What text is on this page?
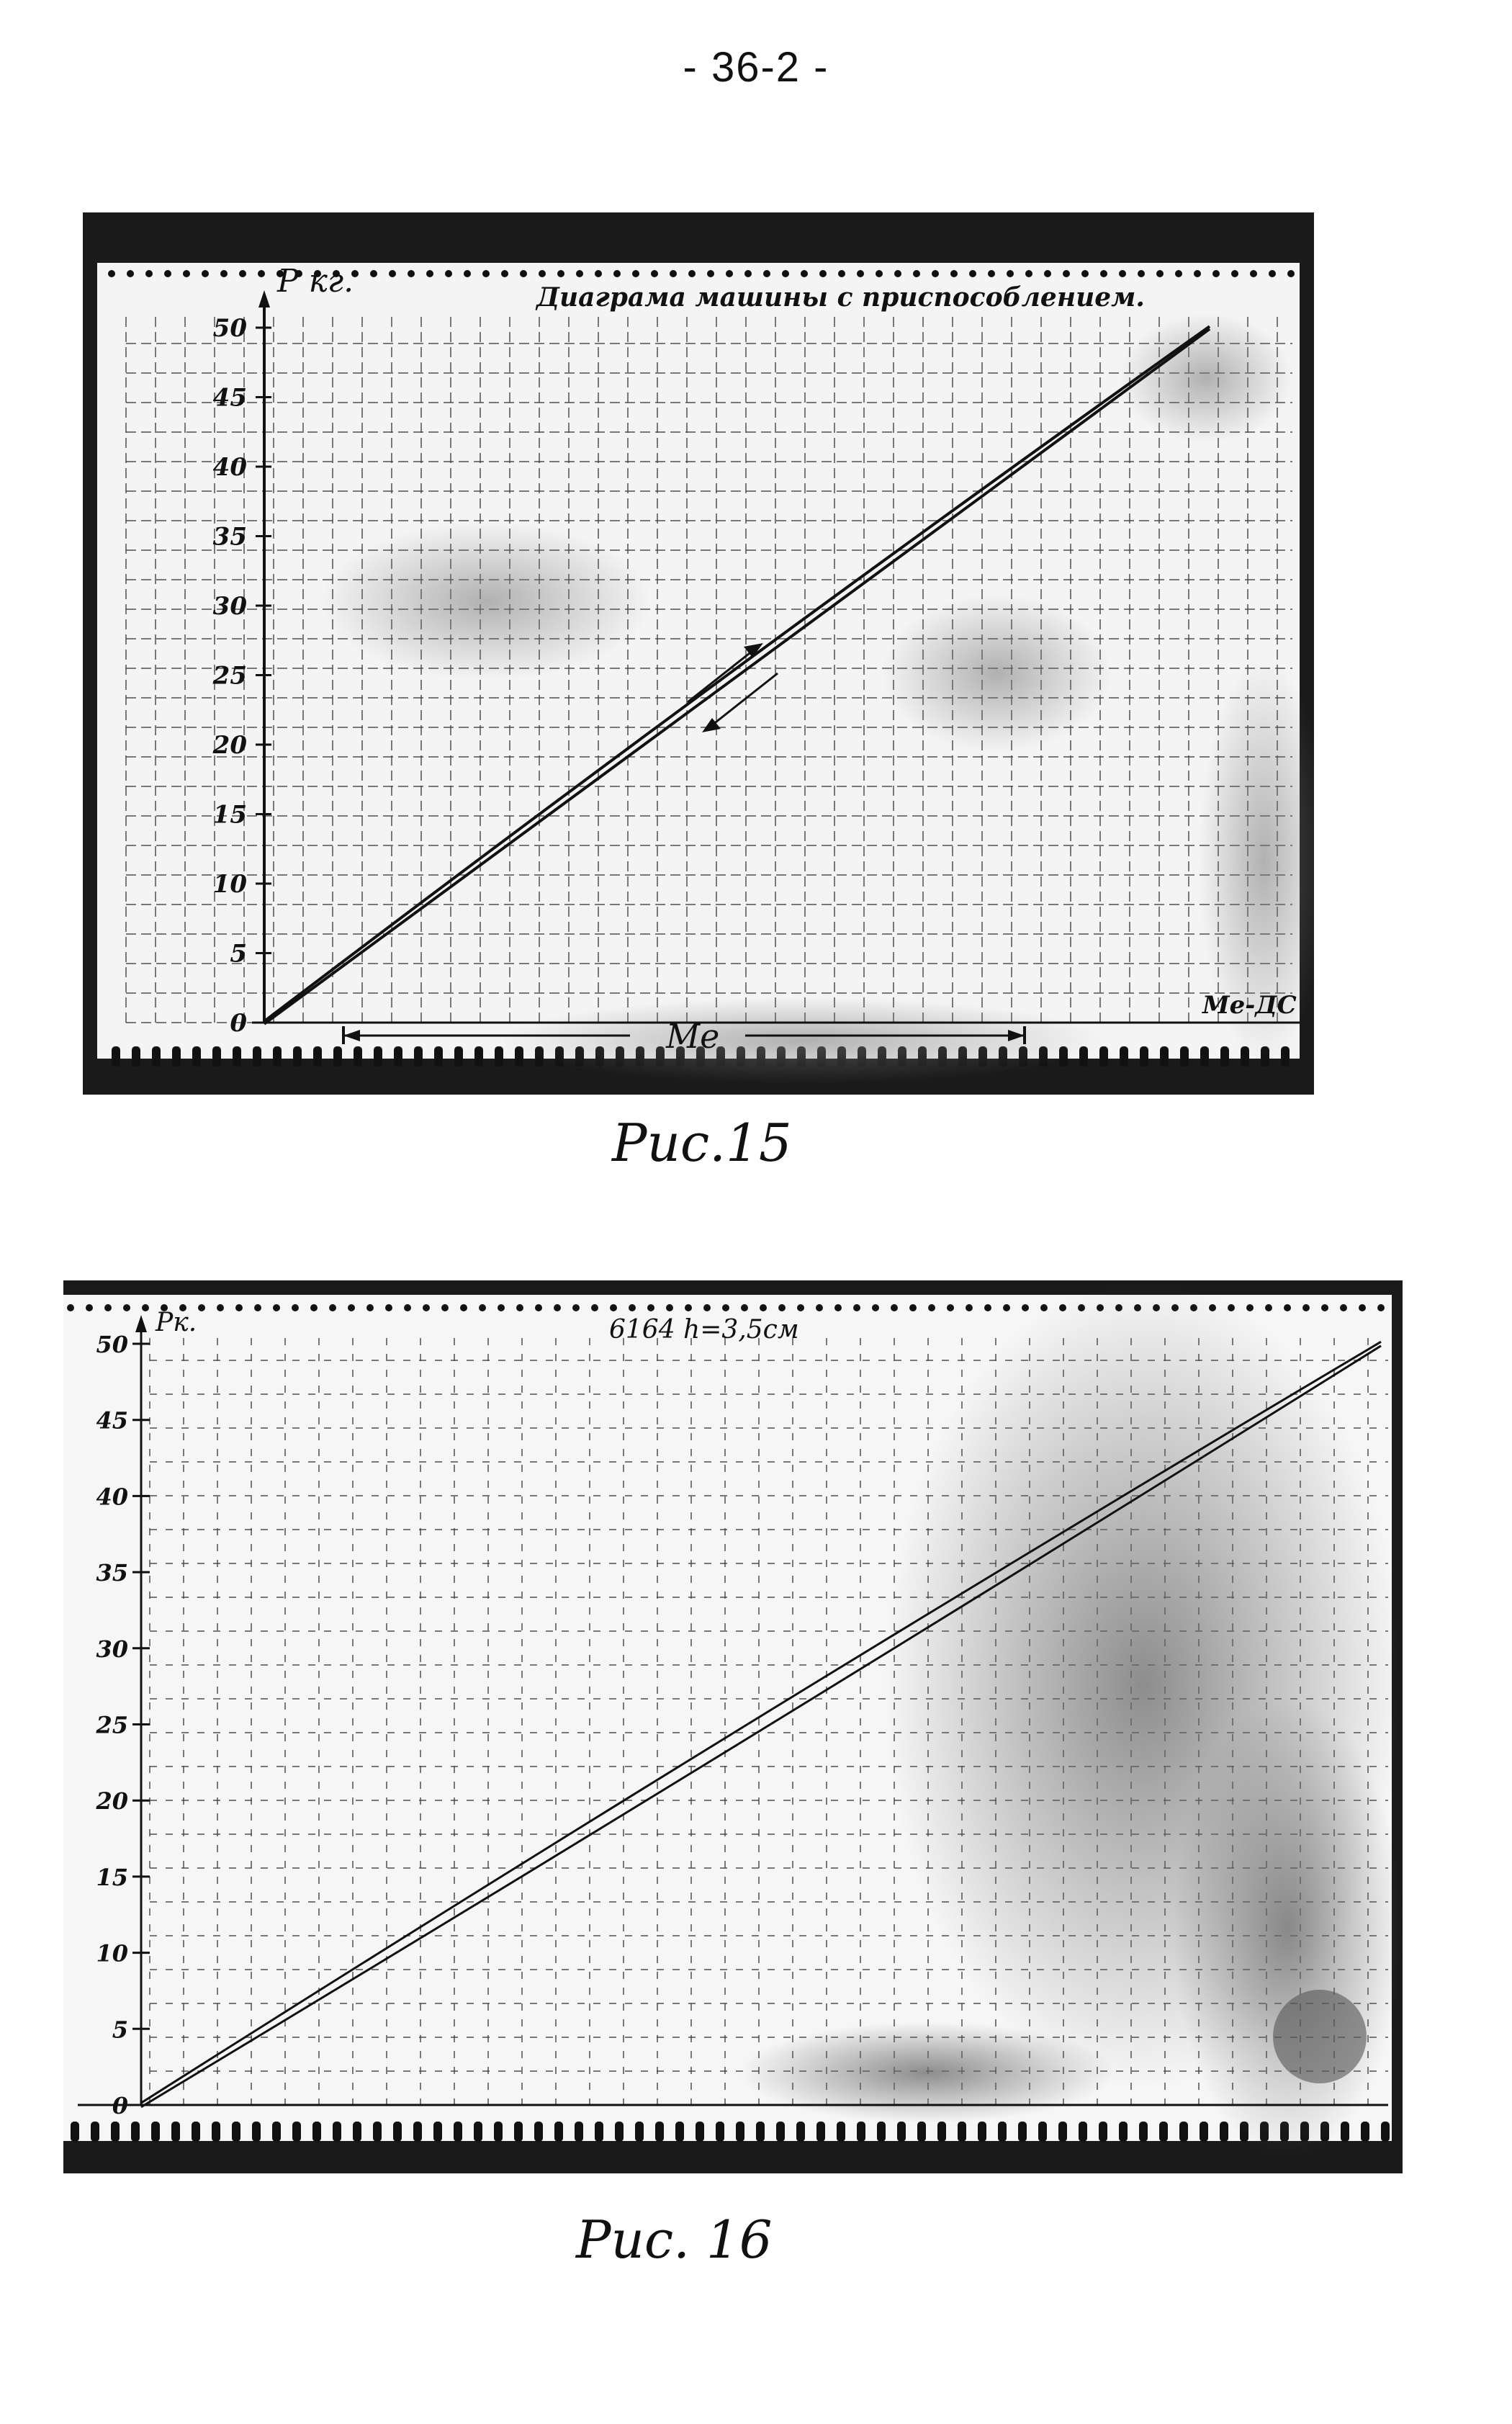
- 36-2 -
0
5
10
15
20
25
30
35
40
45
50
Р кг.	Диаграма машины с приспособлением.
Ме
Ме-ДС
Рис.15
0
5
10
15
20
25
30
35
40
45
50
Рк.	6164 h=3,5см
Рис. 16
